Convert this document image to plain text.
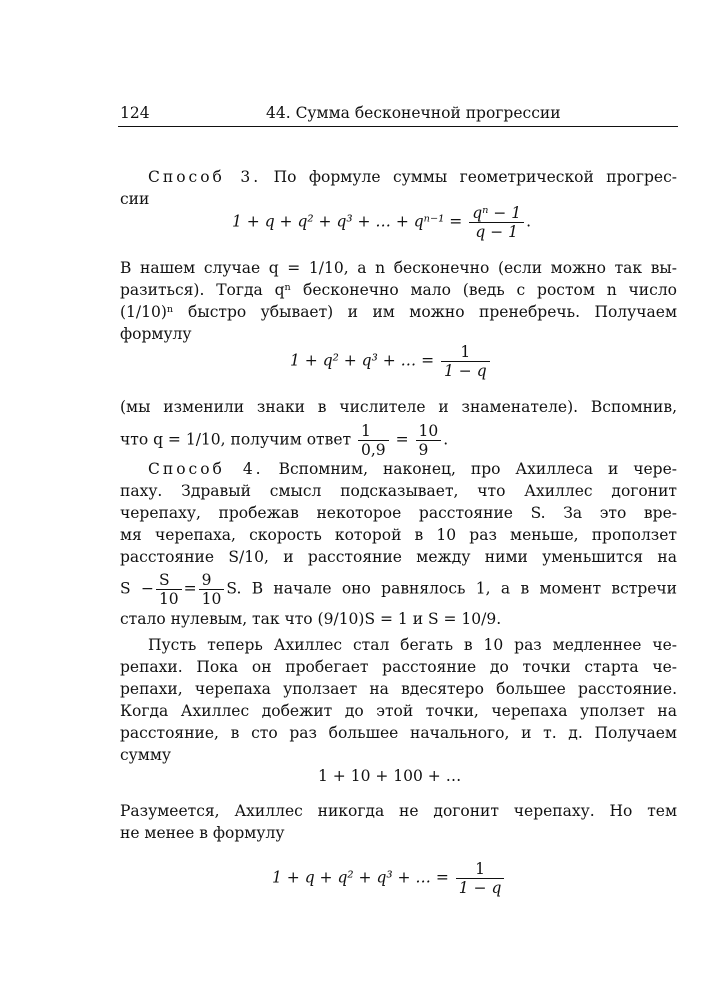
124	44. Сумма бесконечной прогрессии
Способ 3. По формуле суммы геометрической прогрес-
сии
1 + q + q² + q³ + … + $q^{n-1} = \frac{\text{qⁿ − 1}}{q - 1}$ .
В нашем случае q = 1/10, а n бесконечно (если можно так вы-
разиться). Тогда qⁿ бесконечно мало (ведь с ростом n число
(1/10)ⁿ быстро убывает) и им можно пренебречь. Получаем
формулу
1 + q² + q³ + … = $\frac{1}{1 - q}$
(мы изменили знаки в числителе и знаменателе). Вспомнив,
что q = 1/10, получим ответ $\frac{1}{0,9} = \frac{10}{9}$ .
Способ 4. Вспомним, наконец, про Ахиллеса и чере-
паху. Здравый смысл подсказывает, что Ахиллес догонит
черепаху, пробежав некоторое расстояние S. За это вре-
мя черепаха, скорость которой в 10 раз меньше, проползет
расстояние S/10, и расстояние между ними уменьшится на
$S - \frac{S}{10} = \frac{9}{10} S$. В начале оно равнялось 1, а в момент встречи
стало нулевым, так что (9/10)S = 1 и S = 10/9.
Пусть теперь Ахиллес стал бегать в 10 раз медленнее че-
репахи. Пока он пробегает расстояние до точки старта че-
репахи, черепаха уползает на вдесятеро большее расстояние.
Когда Ахиллес добежит до этой точки, черепаха уползет на
расстояние, в сто раз большее начального, и т. д. Получаем
сумму
1 + 10 + 100 + …
Разумеется, Ахиллес никогда не догонит черепаху. Но тем
не менее в формулу
1 + q + q² + q³ + … = $\frac{1}{1 - q}$
